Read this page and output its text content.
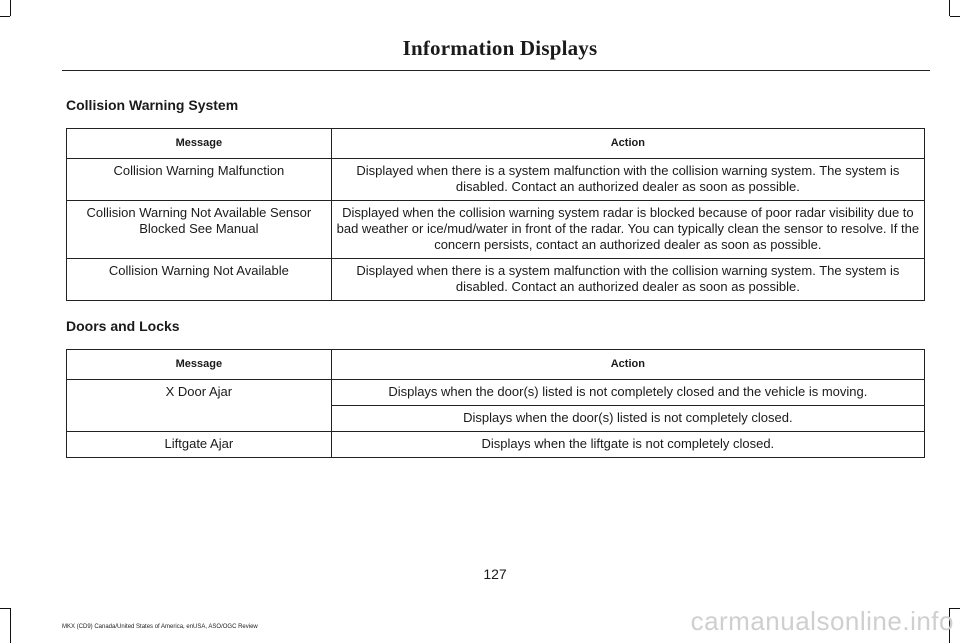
Information Displays
Collision Warning System
Message	Action
Collision Warning Malfunction	Displayed when there is a system malfunction with the collision warning system. The system is disabled. Contact an authorized dealer as soon as possible.
Collision Warning Not Available Sensor Blocked See Manual	Displayed when the collision warning system radar is blocked because of poor radar visibility due to bad weather or ice/mud/water in front of the radar. You can typically clean the sensor to resolve. If the concern persists, contact an authorized dealer as soon as possible.
Collision Warning Not Available	Displayed when there is a system malfunction with the collision warning system. The system is disabled. Contact an authorized dealer as soon as possible.
Doors and Locks
Message	Action
X Door Ajar	Displays when the door(s) listed is not completely closed and the vehicle is moving.
	Displays when the door(s) listed is not completely closed.
Liftgate Ajar	Displays when the liftgate is not completely closed.
127
MKX (CD9) Canada/United States of America, enUSA, ASO/OGC Review	carmanualsonline.info
